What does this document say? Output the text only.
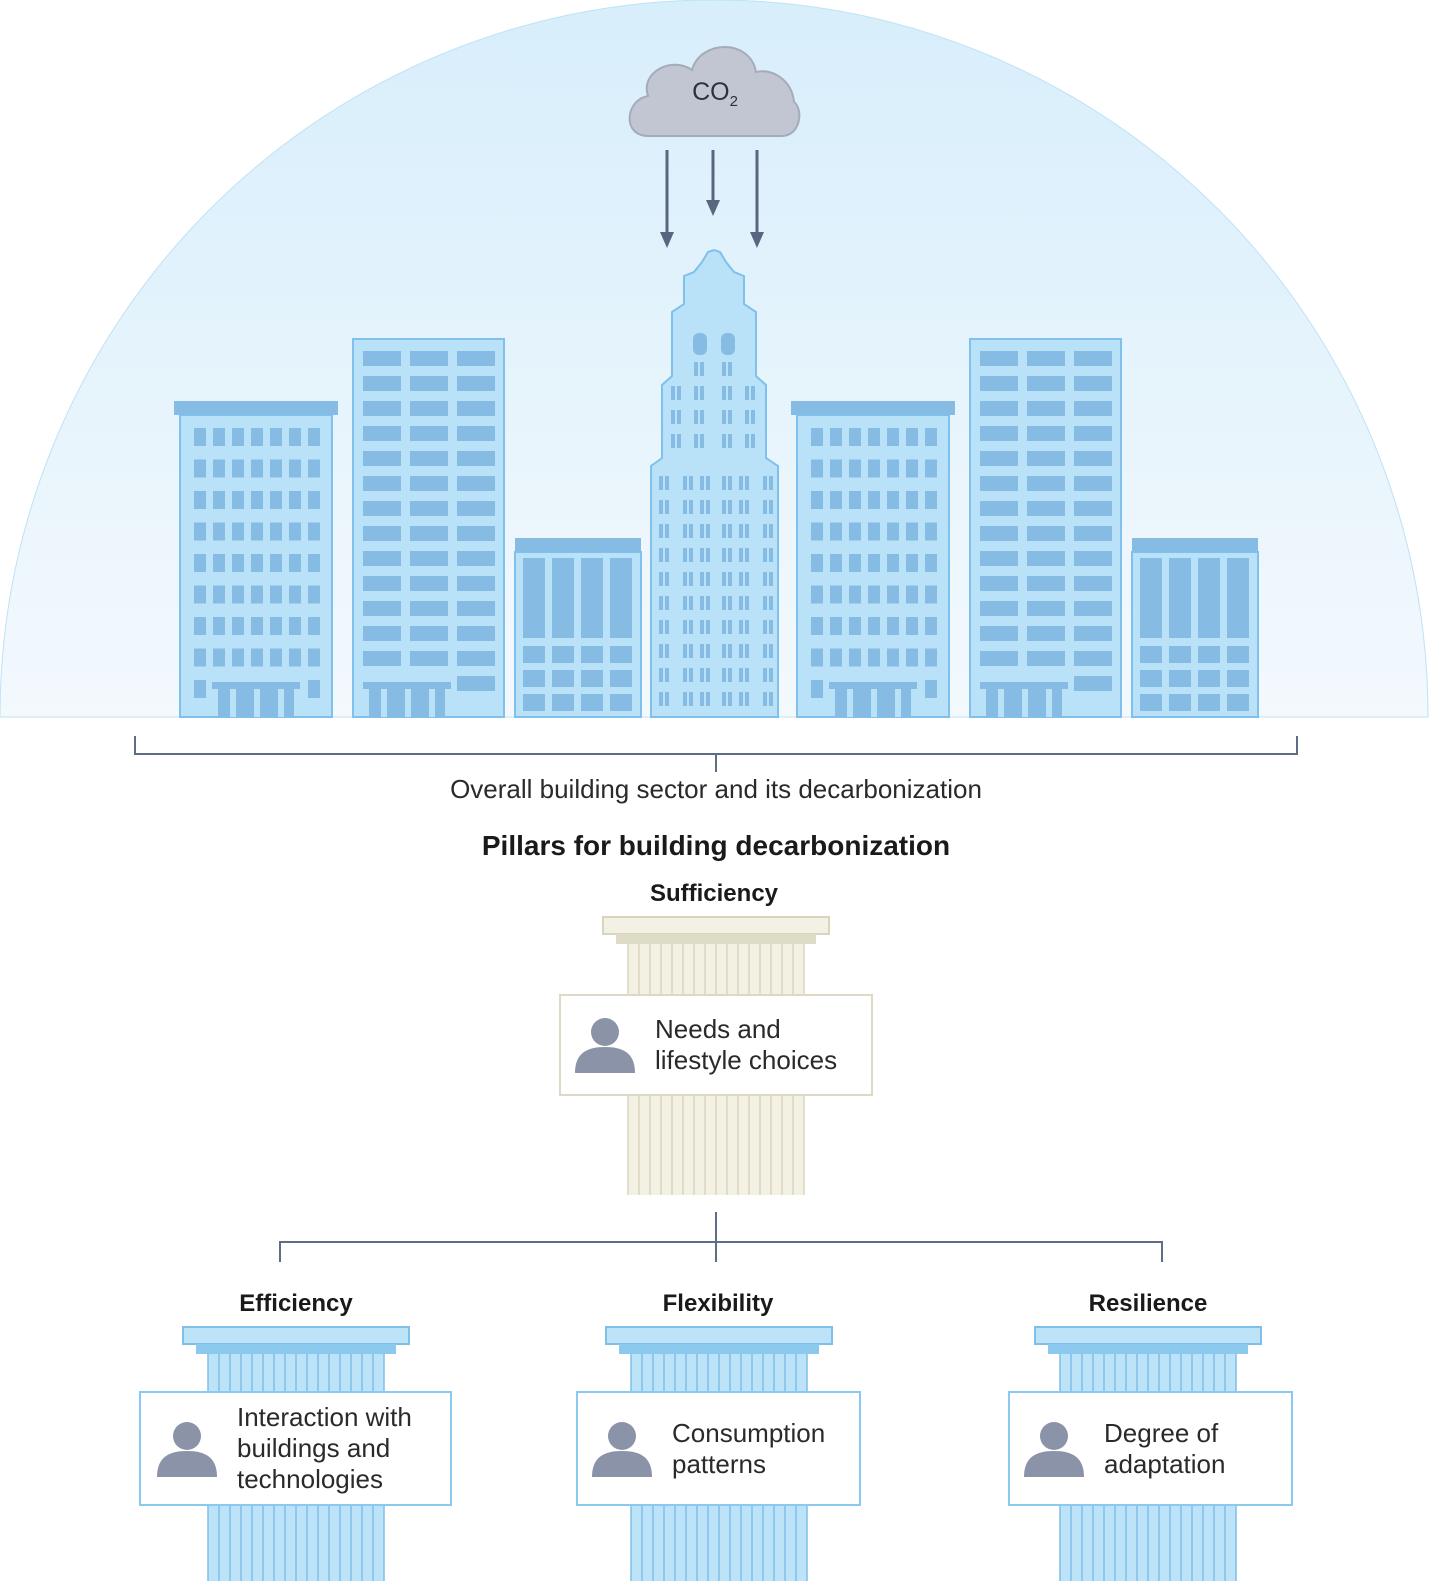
$CO_2$
Overall building sector and its decarbonization
Pillars for building decarbonization
Sufficiency
Efficiency	Flexibility	Resilience
Needs and
lifestyle choices
Interaction with
buildings and
technologies
Consumption
patterns
Degree of
adaptation
